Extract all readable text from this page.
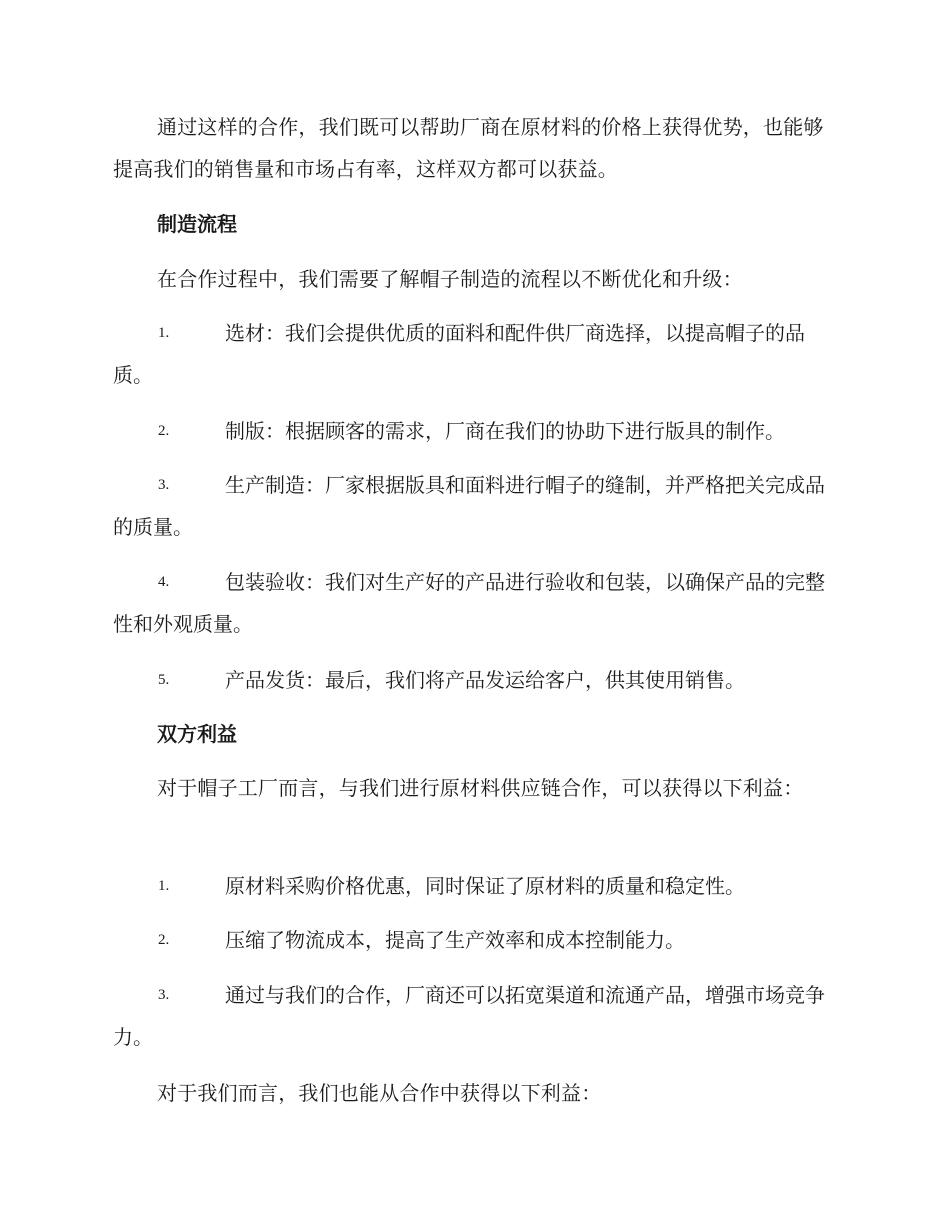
通过这样的合作，我们既可以帮助厂商在原材料的价格上获得优势，也能够提高我们的销售量和市场占有率，这样双方都可以获益。

制造流程

在合作过程中，我们需要了解帽子制造的流程以不断优化和升级：

1.	选材：我们会提供优质的面料和配件供厂商选择，以提高帽子的品质。

2.	制版：根据顾客的需求，厂商在我们的协助下进行版具的制作。

3.	生产制造：厂家根据版具和面料进行帽子的缝制，并严格把关完成品的质量。

4.	包装验收：我们对生产好的产品进行验收和包装，以确保产品的完整性和外观质量。

5.	产品发货：最后，我们将产品发运给客户，供其使用销售。

双方利益

对于帽子工厂而言，与我们进行原材料供应链合作，可以获得以下利益：

1.	原材料采购价格优惠，同时保证了原材料的质量和稳定性。

2.	压缩了物流成本，提高了生产效率和成本控制能力。

3.	通过与我们的合作，厂商还可以拓宽渠道和流通产品，增强市场竞争力。

对于我们而言，我们也能从合作中获得以下利益：
